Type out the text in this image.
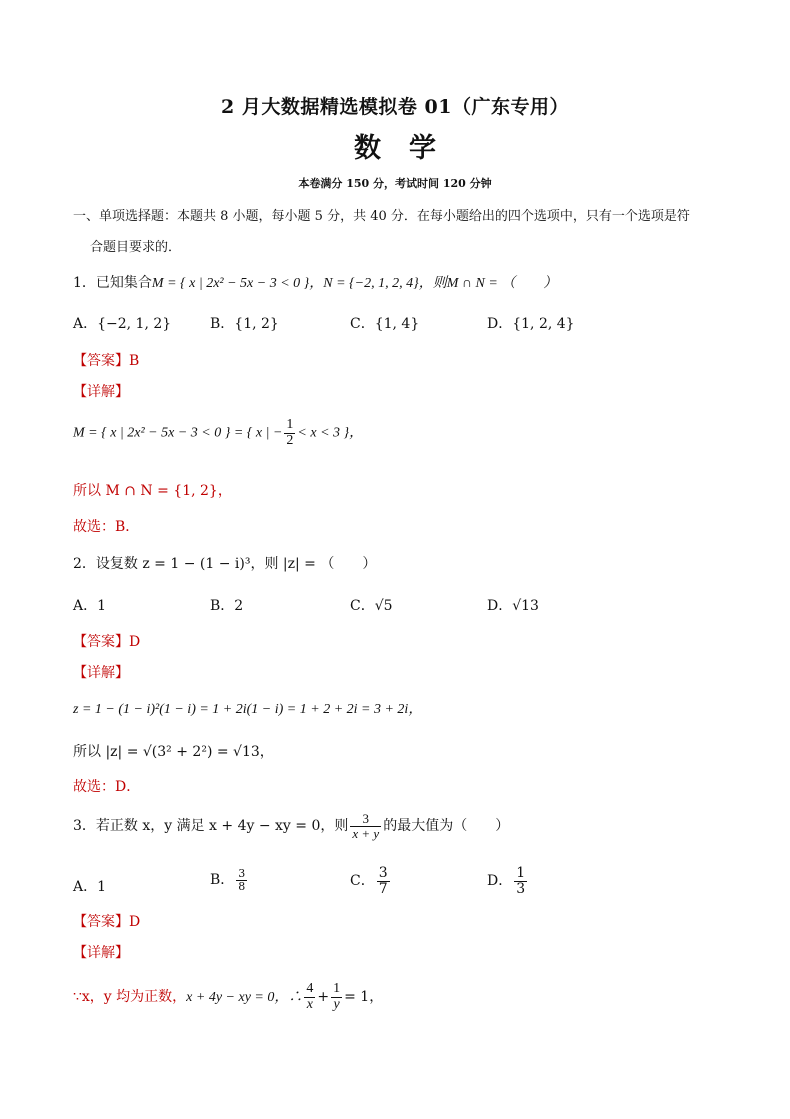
2 月大数据精选模拟卷 01（广东专用）
数学
本卷满分 150 分，考试时间 120 分钟
一、单项选择题：本题共 8 小题，每小题 5 分，共 40 分．在每小题给出的四个选项中，只有一个选项是符
合题目要求的．
1．已知集合M = { x | 2x² − 5x − 3 < 0 }，N = {−2, 1, 2, 4}，则M ∩ N = （　　）
A．{−2, 1, 2}	B．{1, 2}	C．{1, 4}	D．{1, 2, 4}
【答案】B
【详解】
M = { x | 2x² − 5x − 3 < 0 } = { x | − $\frac{1}{2} < x < 3$ }，
所以 M ∩ N = {1, 2}，
故选：B．
2．设复数 z = 1 − (1 − i)³，则 |z| = （　　）
A．1	B．2	C．√5	D．√13
【答案】D
【详解】
z = 1 − (1 − i)²(1 − i) = 1 + 2i(1 − i) = 1 + 2 + 2i = 3 + 2i，
所以 |z| = √(3² + 2²) = √13，
故选：D．
3．若正数 x，y 满足 x + 4y − xy = 0，则 $\frac{3}{x + y}$ 的最大值为（　　）
A．1	B． $\frac{3}{8}$	C． $\frac{3}{7}$	D． $\frac{1}{3}$
【答案】D
【详解】
∵x，y 均为正数，x + 4y − xy = 0，∴ $\frac{4}{x} + \frac{1}{y} = 1$，
